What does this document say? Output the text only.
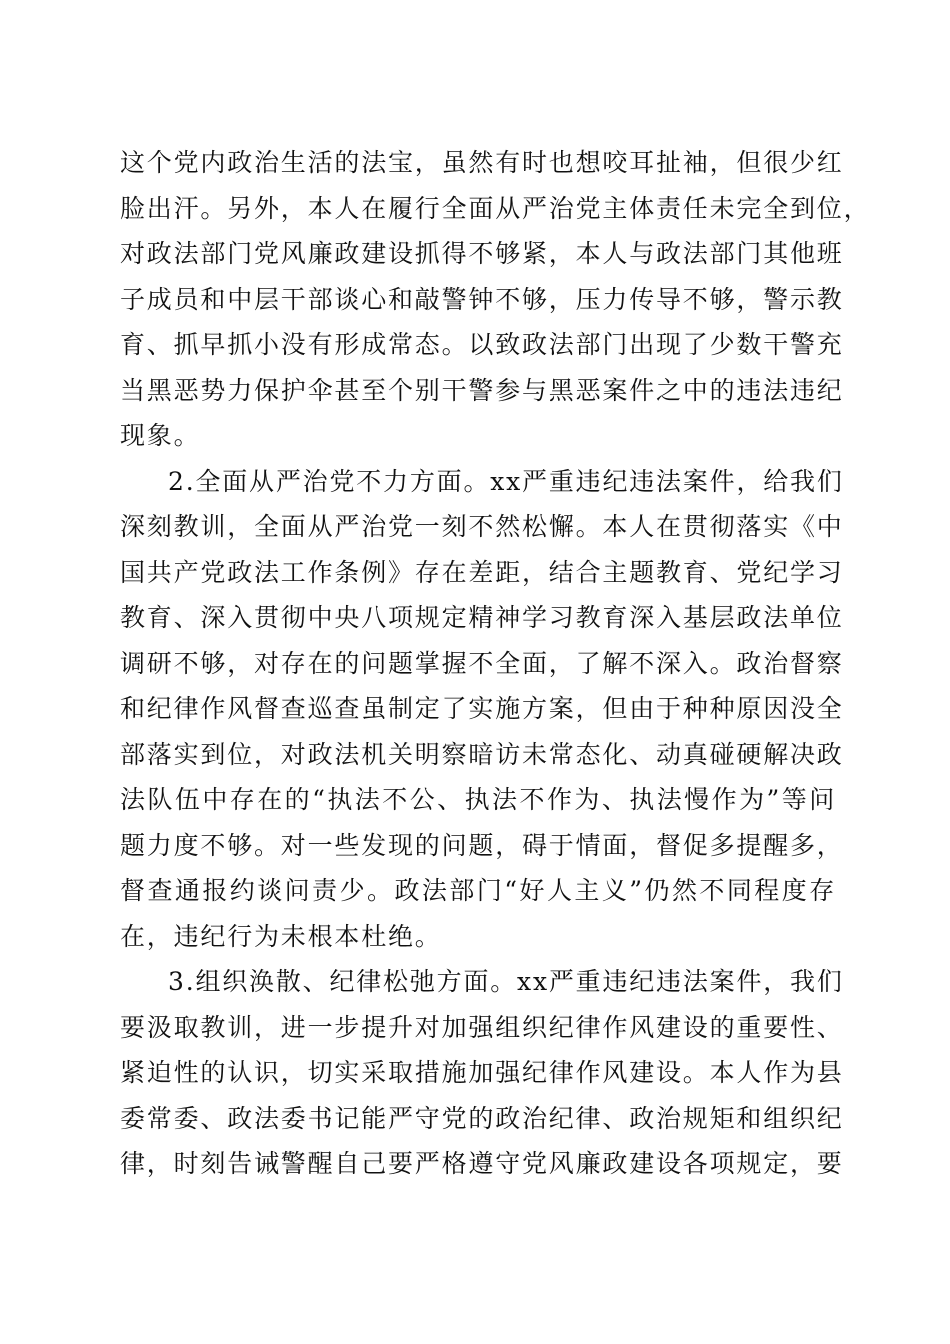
这个党内政治生活的法宝，虽然有时也想咬耳扯袖，但很少红
脸出汗。另外，本人在履行全面从严治党主体责任未完全到位，
对政法部门党风廉政建设抓得不够紧，本人与政法部门其他班
子成员和中层干部谈心和敲警钟不够，压力传导不够，警示教
育、抓早抓小没有形成常态。以致政法部门出现了少数干警充
当黑恶势力保护伞甚至个别干警参与黑恶案件之中的违法违纪
现象。
2.全面从严治党不力方面。xx严重违纪违法案件，给我们
深刻教训，全面从严治党一刻不然松懈。本人在贯彻落实《中
国共产党政法工作条例》存在差距，结合主题教育、党纪学习
教育、深入贯彻中央八项规定精神学习教育深入基层政法单位
调研不够，对存在的问题掌握不全面，了解不深入。政治督察
和纪律作风督查巡查虽制定了实施方案，但由于种种原因没全
部落实到位，对政法机关明察暗访未常态化、动真碰硬解决政
法队伍中存在的“执法不公、执法不作为、执法慢作为”等问
题力度不够。对一些发现的问题，碍于情面，督促多提醒多，
督查通报约谈问责少。政法部门“好人主义”仍然不同程度存
在，违纪行为未根本杜绝。
3.组织涣散、纪律松弛方面。xx严重违纪违法案件，我们
要汲取教训，进一步提升对加强组织纪律作风建设的重要性、
紧迫性的认识，切实采取措施加强纪律作风建设。本人作为县
委常委、政法委书记能严守党的政治纪律、政治规矩和组织纪
律，时刻告诫警醒自己要严格遵守党风廉政建设各项规定，要
